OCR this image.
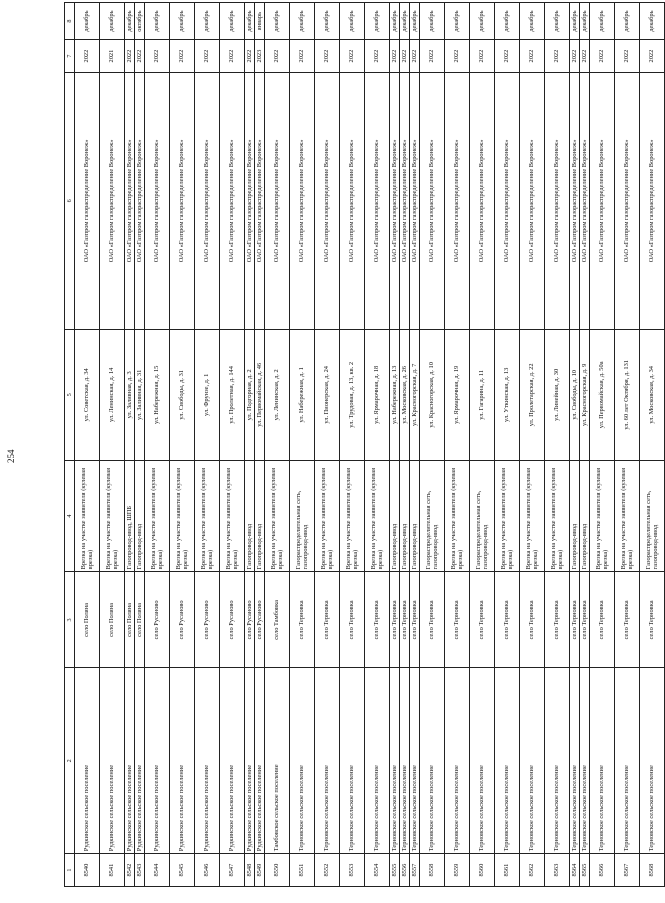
254
1	2	3	4	5	6	7	8
8540	Рудкинское сельское поселение	село Поляна	Врезка на участке заявителя (кулевая врезка)	ул. Советская, д. 34	ОАО «Газпром газораспределение Воронеж»	2022	декабрь
8541	Рудкинское сельское поселение	село Поляна	Врезка на участке заявителя (кулевая врезка)	ул. Ленинская, д. 14	ОАО «Газпром газораспределение Воронеж»	2021	декабрь
8542	Рудкинское сельское поселение	село Поляна	Газопровод-ввод, ШПБ	ул. Заливная, д. 3	ОАО «Газпром газораспределение Воронеж»	2022	декабрь
8543	Рудкинское сельское поселение	село Поляна	Газопровод-ввод	ул. Заливная, д. 31	ОАО «Газпром газораспределение Воронеж»	2022	октябрь
8544	Рудкинское сельское поселение	село Русаново	Врезка на участке заявителя (кулевая врезка)	ул. Набережная, д. 15	ОАО «Газпром газораспределение Воронеж»	2022	декабрь
8545	Рудкинское сельское поселение	село Русаново	Врезка на участке заявителя (кулевая врезка)	ул. Свободы, д. 31	ОАО «Газпром газораспределение Воронеж»	2022	декабрь
8546	Рудкинское сельское поселение	село Русаново	Врезка на участке заявителя (кулевая врезка)	ул. Фрунзе, д. 1	ОАО «Газпром газораспределение Воронеж»	2022	декабрь
8547	Рудкинское сельское поселение	село Русаново	Врезка на участке заявителя (кулевая врезка)	ул. Пролетная, д. 144	ОАО «Газпром газораспределение Воронеж»	2022	декабрь
8548	Рудкинское сельское поселение	село Русаново	Газопровод-ввод	ул. Подгорная, д. 2	ОАО «Газпром газораспределение Воронеж»	2022	декабрь
8549	Рудкинское сельское поселение	село Русаново	Газопровод-ввод	ул. Первомайская, д. 46	ОАО «Газпром газораспределение Воронеж»	2023	январь
8550	Тамбовское сельское поселение	село Тамбовка	Врезка на участке заявителя (кулевая врезка)	ул. Ленинская, д. 2	ОАО «Газпром газораспределение Воронеж»	2022	декабрь
8551	Терновское сельское поселение	село Терновка	Газораспределительная сеть, газопровод-ввод	ул. Набережная, д. 1	ОАО «Газпром газораспределение Воронеж»	2022	декабрь
8552	Терновское сельское поселение	село Терновка	Врезка на участке заявителя (кулевая врезка)	ул. Пионерская, д. 24	ОАО «Газпром газораспределение Воронеж»	2022	декабрь
8553	Терновское сельское поселение	село Терновка	Врезка на участке заявителя (кулевая врезка)	ул. Трудовая, д. 13, кв. 2	ОАО «Газпром газораспределение Воронеж»	2022	декабрь
8554	Терновское сельское поселение	село Терновка	Врезка на участке заявителя (кулевая врезка)	ул. Ярмарочная, д. 18	ОАО «Газпром газораспределение Воронеж»	2022	декабрь
8555	Терновское сельское поселение	село Терновка	Газопровод-ввод	ул. Набережная, д. 13	ОАО «Газпром газораспределение Воронеж»	2022	декабрь
8556	Терновское сельское поселение	село Терновка	Газопровод-ввод	ул. Московская, д. 26	ОАО «Газпром газораспределение Воронеж»	2022	декабрь
8557	Терновское сельское поселение	село Терновка	Газопровод-ввод	ул. Красногорская, д. 7	ОАО «Газпром газораспределение Воронеж»	2022	декабрь
8558	Терновское сельское поселение	село Терновка	Газораспределительная сеть, газопровод-ввод	ул. Красногорская, д. 10	ОАО «Газпром газораспределение Воронеж»	2022	декабрь
8559	Терновское сельское поселение	село Терновка	Врезка на участке заявителя (кулевая врезка)	ул. Ярмарочная, д. 19	ОАО «Газпром газораспределение Воронеж»	2022	декабрь
8560	Терновское сельское поселение	село Терновка	Газораспределительная сеть, газопровод-ввод	ул. Гагарина, д. 11	ОАО «Газпром газораспределение Воронеж»	2022	декабрь
8561	Терновское сельское поселение	село Терновка	Врезка на участке заявителя (кулевая врезка)	ул. Уткинская, д. 13	ОАО «Газпром газораспределение Воронеж»	2022	декабрь
8562	Терновское сельское поселение	село Терновка	Врезка на участке заявителя (кулевая врезка)	ул. Пролетарская, д. 22	ОАО «Газпром газораспределение Воронеж»	2022	декабрь
8563	Терновское сельское поселение	село Терновка	Врезка на участке заявителя (кулевая врезка)	ул. Линейная, д. 30	ОАО «Газпром газораспределение Воронеж»	2022	декабрь
8564	Терновское сельское поселение	село Терновка	Газопровод-ввод	ул. Свободы, д. 10	ОАО «Газпром газораспределение Воронеж»	2022	декабрь
8565	Терновское сельское поселение	село Терновка	Газопровод-ввод	ул. Красногорская, д. 9	ОАО «Газпром газораспределение Воронеж»	2022	декабрь
8566	Терновское сельское поселение	село Терновка	Врезка на участке заявителя (кулевая врезка)	ул. Первомайская, д. 50а	ОАО «Газпром газораспределение Воронеж»	2022	декабрь
8567	Терновское сельское поселение	село Терновка	Врезка на участке заявителя (кулевая врезка)	ул. 60 лет Октября, д. 131	ОАО «Газпром газораспределение Воронеж»	2022	декабрь
8568	Терновское сельское поселение	село Терновка	Газораспределительная сеть, газопровод-ввод	ул. Московская, д. 34	ОАО «Газпром газораспределение Воронеж»	2022	декабрь
